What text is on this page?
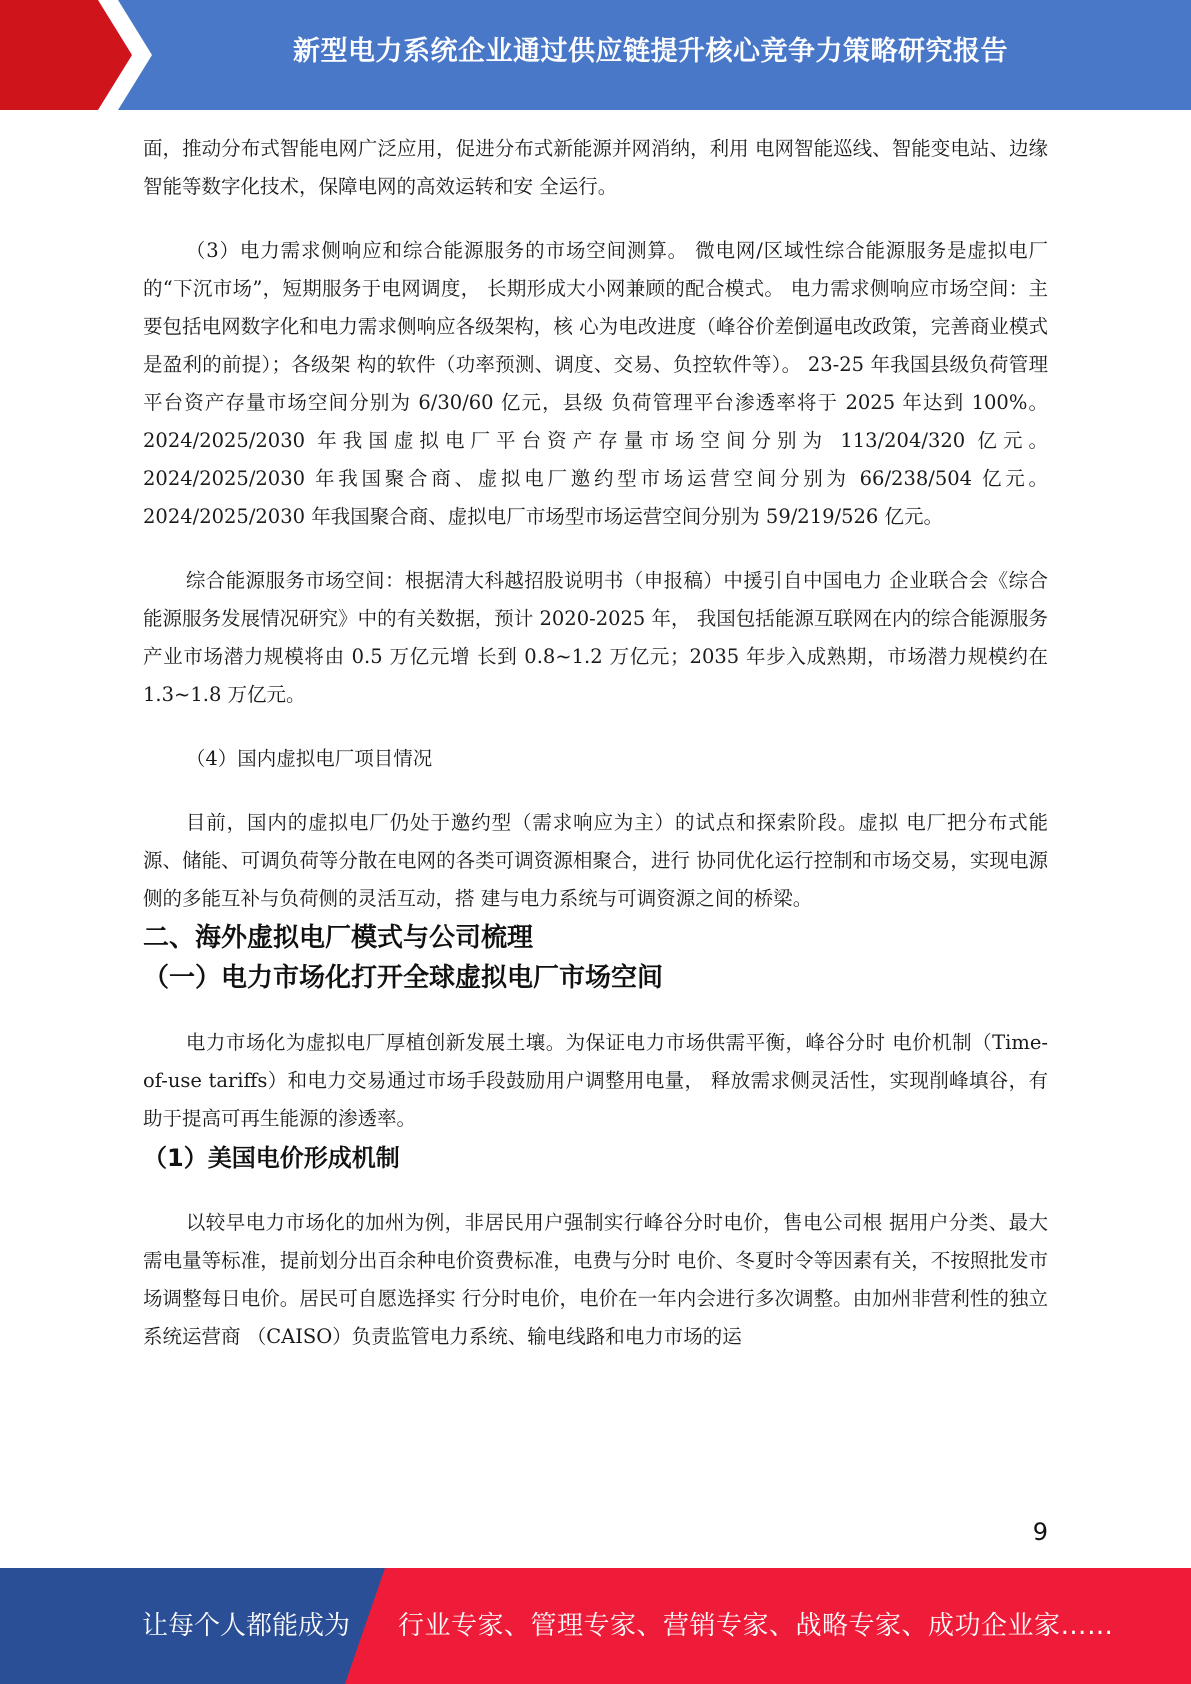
新型电力系统企业通过供应链提升核心竞争力策略研究报告

面，推动分布式智能电网广泛应用，促进分布式新能源并网消纳，利用 电网智能巡线、智能变电站、边缘智能等数字化技术，保障电网的高效运转和安 全运行。

（3）电力需求侧响应和综合能源服务的市场空间测算。 微电网/区域性综合能源服务是虚拟电厂的“下沉市场”，短期服务于电网调度， 长期形成大小网兼顾的配合模式。 电力需求侧响应市场空间：主要包括电网数字化和电力需求侧响应各级架构，核 心为电改进度（峰谷价差倒逼电改政策，完善商业模式是盈利的前提）；各级架 构的软件（功率预测、调度、交易、负控软件等）。 23-25 年我国县级负荷管理平台资产存量市场空间分别为 6/30/60 亿元，县级 负荷管理平台渗透率将于 2025 年达到 100%。 2024/2025/2030 年我国虚拟电厂平台资产存量市场空间分别为 113/204/320 亿元。 2024/2025/2030 年我国聚合商、虚拟电厂邀约型市场运营空间分别为 66/238/504 亿元。 2024/2025/2030 年我国聚合商、虚拟电厂市场型市场运营空间分别为 59/219/526 亿元。

综合能源服务市场空间：根据清大科越招股说明书（申报稿）中援引自中国电力 企业联合会《综合能源服务发展情况研究》中的有关数据，预计 2020-2025 年， 我国包括能源互联网在内的综合能源服务产业市场潜力规模将由 0.5 万亿元增 长到 0.8~1.2 万亿元；2035 年步入成熟期，市场潜力规模约在 1.3~1.8 万亿元。

（4）国内虚拟电厂项目情况

目前，国内的虚拟电厂仍处于邀约型（需求响应为主）的试点和探索阶段。虚拟 电厂把分布式能源、储能、可调负荷等分散在电网的各类可调资源相聚合，进行 协同优化运行控制和市场交易，实现电源侧的多能互补与负荷侧的灵活互动，搭 建与电力系统与可调资源之间的桥梁。

二、海外虚拟电厂模式与公司梳理
（一）电力市场化打开全球虚拟电厂市场空间

电力市场化为虚拟电厂厚植创新发展土壤。为保证电力市场供需平衡，峰谷分时 电价机制（Time-of-use tariffs）和电力交易通过市场手段鼓励用户调整用电量， 释放需求侧灵活性，实现削峰填谷，有助于提高可再生能源的渗透率。

（1）美国电价形成机制

以较早电力市场化的加州为例，非居民用户强制实行峰谷分时电价，售电公司根 据用户分类、最大需电量等标准，提前划分出百余种电价资费标准，电费与分时 电价、冬夏时令等因素有关，不按照批发市场调整每日电价。居民可自愿选择实 行分时电价，电价在一年内会进行多次调整。由加州非营利性的独立系统运营商 （CAISO）负责监管电力系统、输电线路和电力市场的运

9
让每个人都能成为 行业专家、管理专家、营销专家、战略专家、成功企业家……
